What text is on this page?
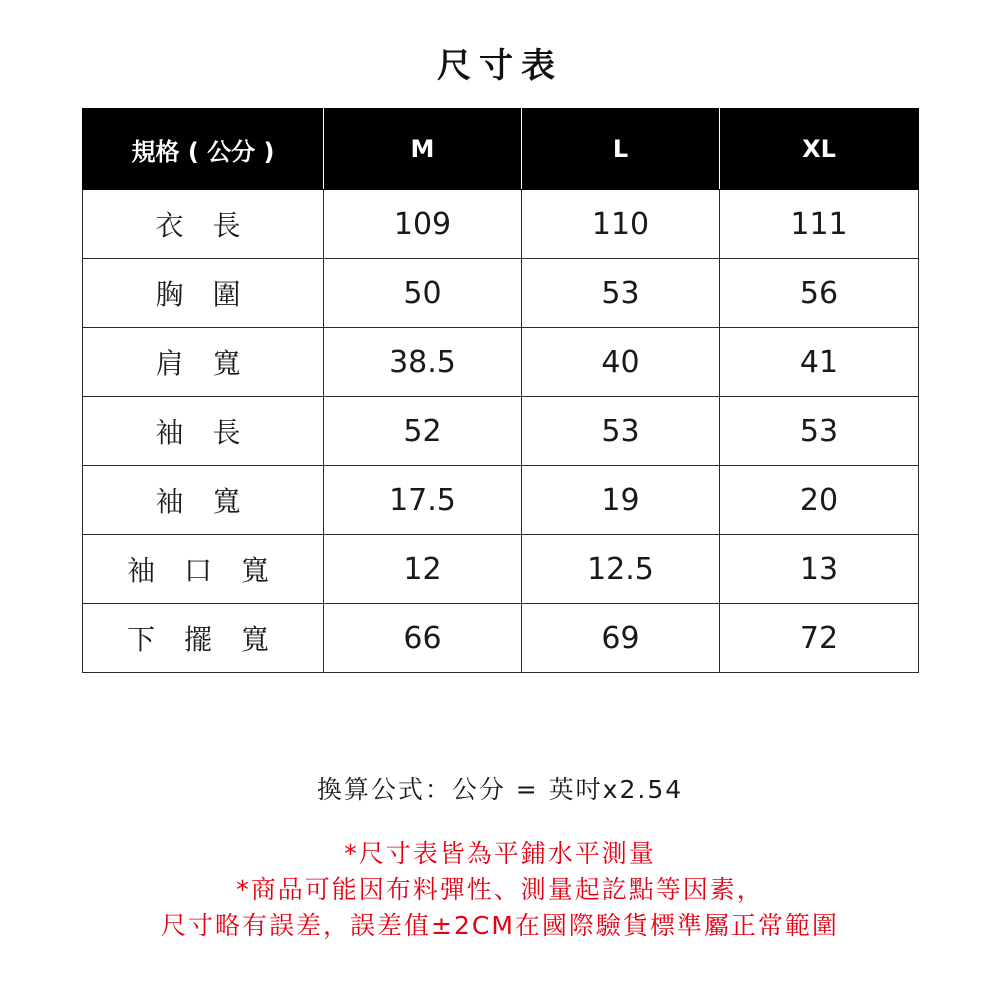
尺寸表
規格 ( 公分 )	M	L	XL
衣 長	109	110	111
胸 圍	50	53	56
肩 寬	38.5	40	41
袖 長	52	53	53
袖 寬	17.5	19	20
袖 口 寬	12	12.5	13
下 擺 寬	66	69	72
換算公式：公分 = 英吋x2.54
*尺寸表皆為平鋪水平測量
*商品可能因布料彈性、測量起訖點等因素，
尺寸略有誤差，誤差值±2CM在國際驗貨標準屬正常範圍
